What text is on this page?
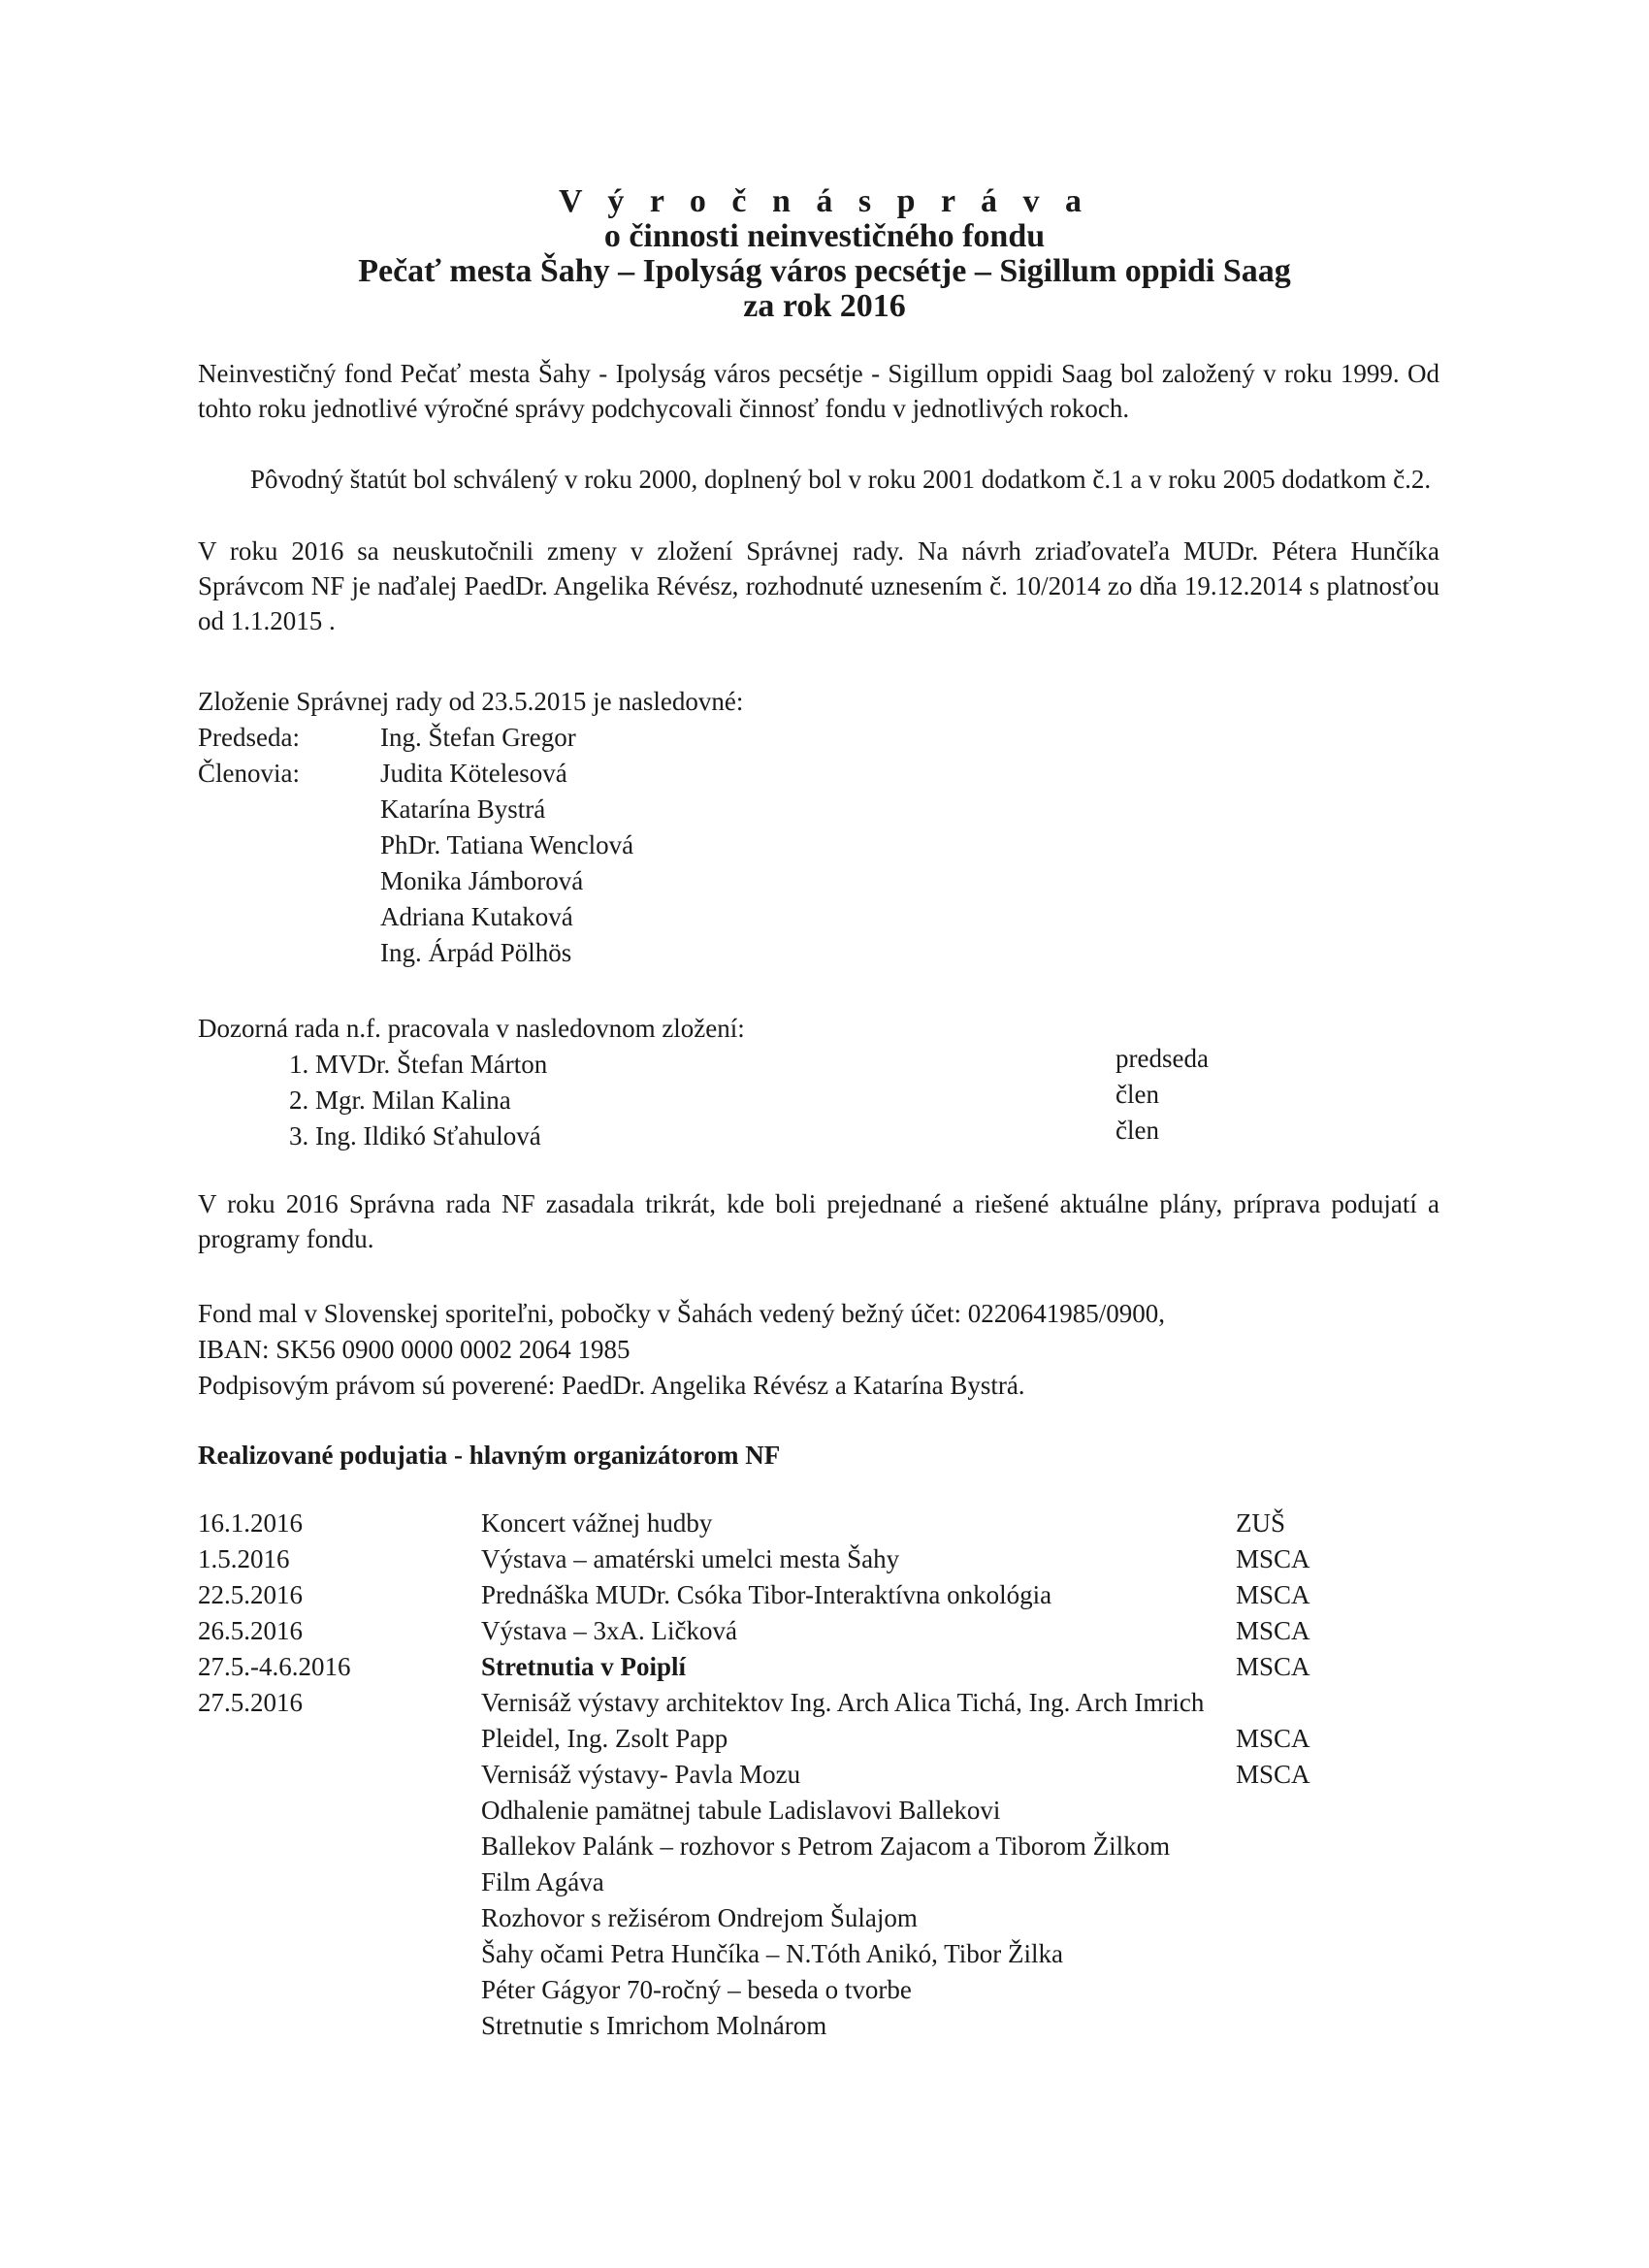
V ý r o č n á s p r á v a
o činnosti neinvestičného fondu
Pečať mesta Šahy – Ipolyság város pecsétje – Sigillum oppidi Saag
za rok 2016

Neinvestičný fond Pečať mesta Šahy - Ipolyság város pecsétje - Sigillum oppidi Saag bol založený v roku 1999. Od tohto roku jednotlivé výročné správy podchycovali činnosť fondu v jednotlivých rokoch.

Pôvodný štatút bol schválený v roku 2000, doplnený bol v roku 2001 dodatkom č.1 a v roku 2005 dodatkom č.2.

V roku 2016 sa neuskutočnili zmeny v zložení Správnej rady. Na návrh zriaďovateľa MUDr. Pétera Hunčíka Správcom NF je naďalej PaedDr. Angelika Révész, rozhodnuté uznesením č. 10/2014 zo dňa 19.12.2014 s platnosťou od 1.1.2015 .

Zloženie Správnej rady od 23.5.2015 je nasledovné:
Predseda:	Ing. Štefan Gregor
Členovia:	Judita Kötelesová
Katarína Bystrá
PhDr. Tatiana Wenclová
Monika Jámborová
Adriana Kutaková
Ing. Árpád Pölhös
Dozorná rada n.f. pracovala v nasledovnom zložení:
1. MVDr. Štefan Márton	predseda
2. Mgr. Milan Kalina	člen
3. Ing. Ildikó Sťahulová	člen

V roku 2016 Správna rada NF zasadala trikrát, kde boli prejednané a riešené aktuálne plány, príprava podujatí a programy fondu.

Fond mal v Slovenskej sporiteľni, pobočky v Šahách vedený bežný účet: 0220641985/0900,
IBAN: SK56 0900 0000 0002 2064 1985
Podpisovým právom sú poverené: PaedDr. Angelika Révész a Katarína Bystrá.
Realizované podujatia - hlavným organizátorom NF
16.1.2016	Koncert vážnej hudby	ZUŠ
1.5.2016	Výstava – amatérski umelci mesta Šahy	MSCA
22.5.2016	Prednáška MUDr. Csóka Tibor-Interaktívna onkológia	MSCA
26.5.2016	Výstava – 3xA. Ličková	MSCA
27.5.-4.6.2016	Stretnutia v Poiplí	MSCA
27.5.2016	Vernisáž výstavy architektov Ing. Arch Alica Tichá, Ing. Arch Imrich
Pleidel, Ing. Zsolt Papp	MSCA
Vernisáž výstavy- Pavla Mozu	MSCA
Odhalenie pamätnej tabule Ladislavovi Ballekovi
Ballekov Palánk – rozhovor s Petrom Zajacom a Tiborom Žilkom
Film Agáva
Rozhovor s režisérom Ondrejom Šulajom
Šahy očami Petra Hunčíka – N.Tóth Anikó, Tibor Žilka
Péter Gágyor 70-ročný – beseda o tvorbe
Stretnutie s Imrichom Molnárom
